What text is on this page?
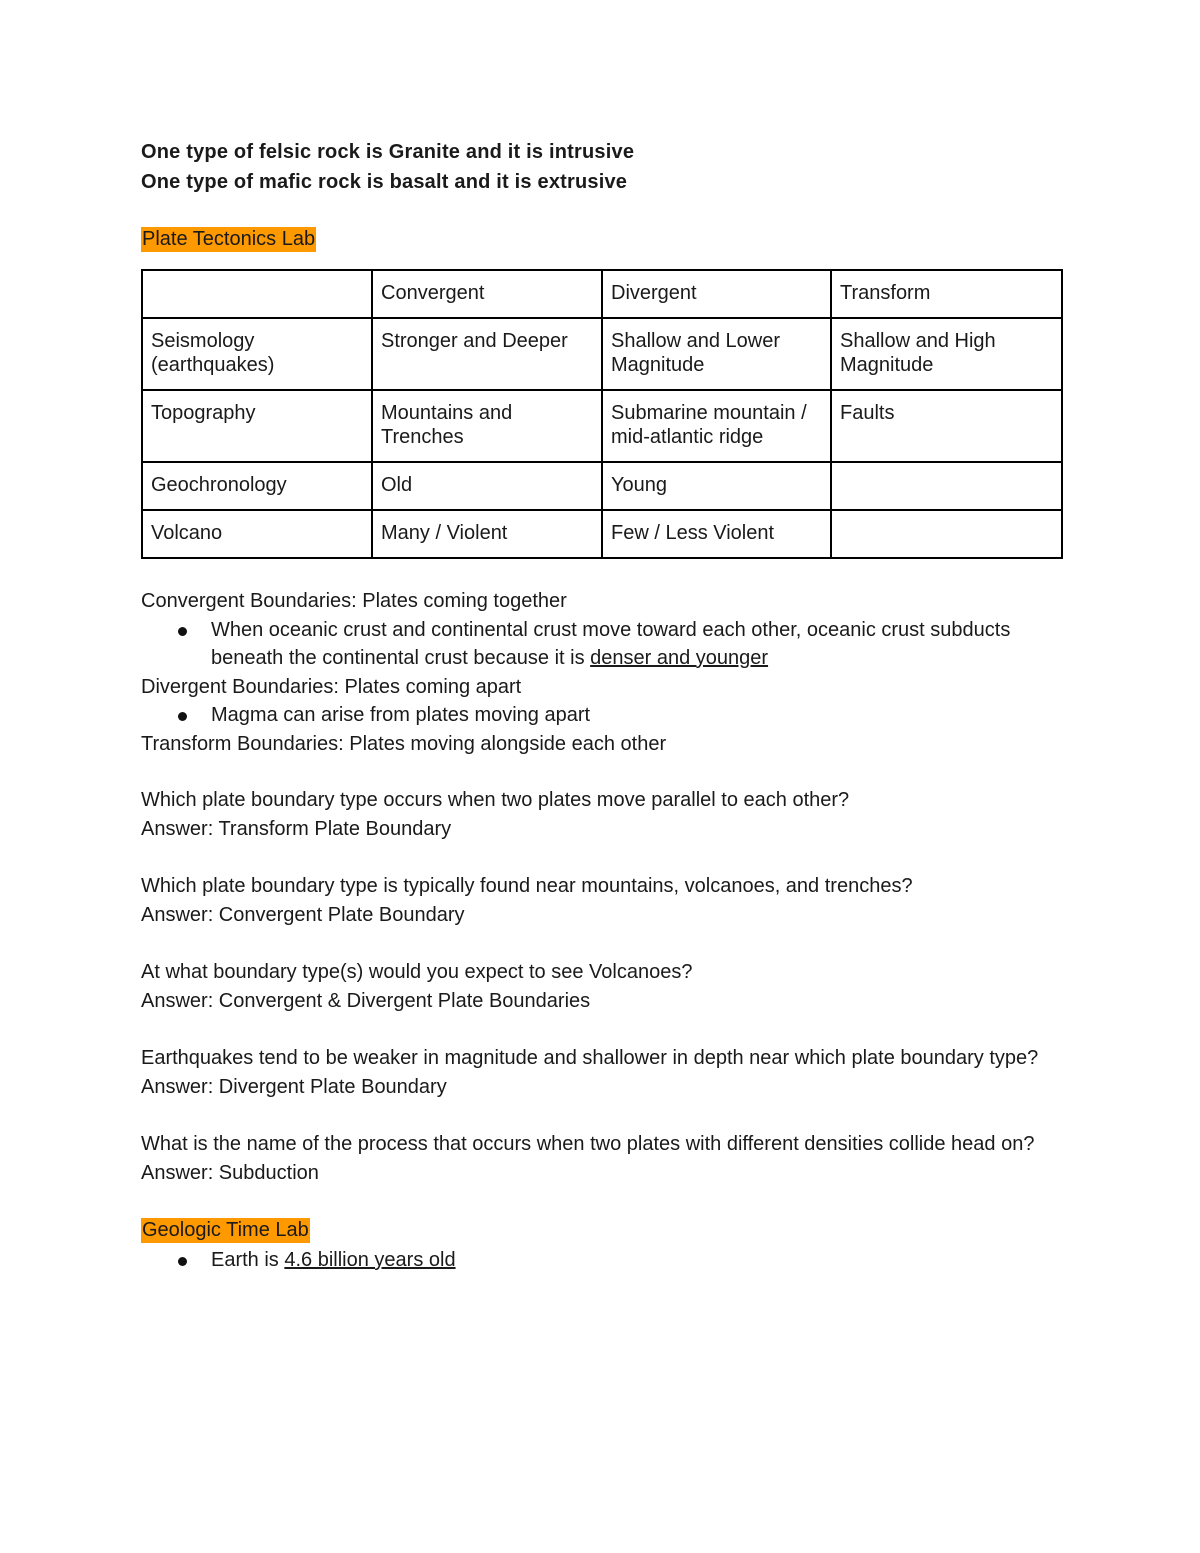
One type of felsic rock is Granite and it is intrusive
One type of mafic rock is basalt and it is extrusive
Plate Tectonics Lab
	Convergent	Divergent	Transform
Seismology (earthquakes)	Stronger and Deeper	Shallow and Lower Magnitude	Shallow and High Magnitude
Topography	Mountains and Trenches	Submarine mountain / mid-atlantic ridge	Faults
Geochronology	Old	Young	
Volcano	Many / Violent	Few / Less Violent	

Convergent Boundaries: Plates coming together

When oceanic crust and continental crust move toward each other, oceanic crust subducts beneath the continental crust because it is denser and younger

Divergent Boundaries: Plates coming apart

Magma can arise from plates moving apart

Transform Boundaries: Plates moving alongside each other

Which plate boundary type occurs when two plates move parallel to each other?

Answer: Transform Plate Boundary

Which plate boundary type is typically found near mountains, volcanoes, and trenches?

Answer: Convergent Plate Boundary

At what boundary type(s) would you expect to see Volcanoes?

Answer: Convergent & Divergent Plate Boundaries

Earthquakes tend to be weaker in magnitude and shallower in depth near which plate boundary type?

Answer: Divergent Plate Boundary

What is the name of the process that occurs when two plates with different densities collide head on?

Answer: Subduction

Geologic Time Lab
Earth is 4.6 billion years old
